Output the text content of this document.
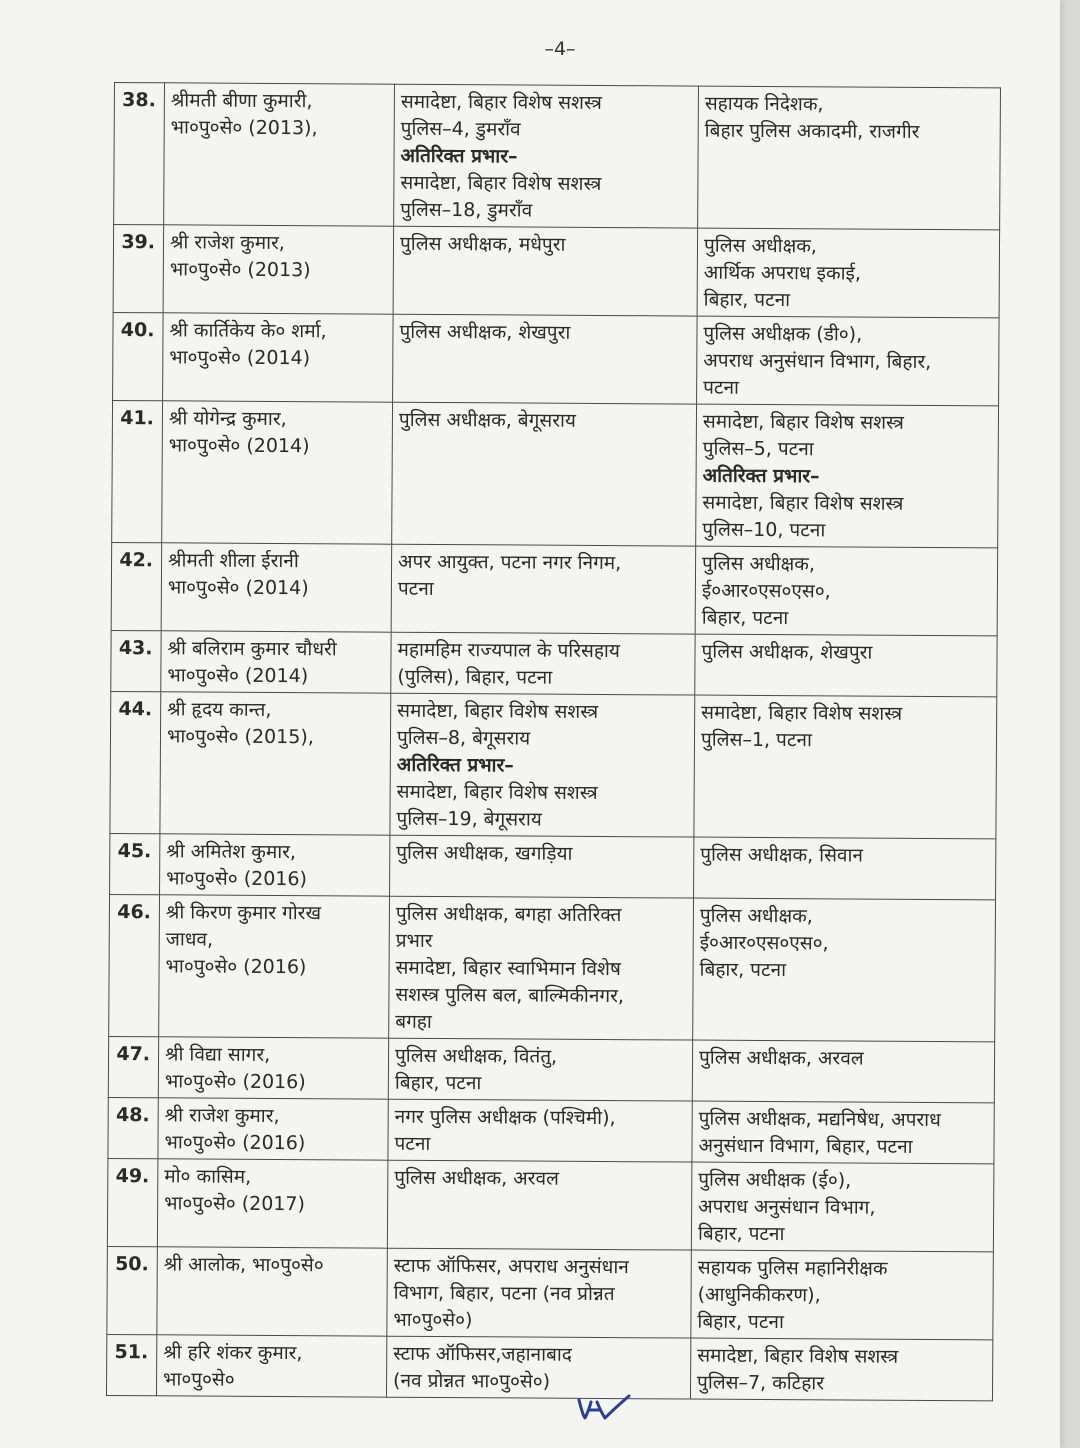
–4–
38.	श्रीमती बीणा कुमारी,
भा०पु०से० (2013),	समादेष्टा, बिहार विशेष सशस्त्र
पुलिस–4, डुमराँव
अतिरिक्त प्रभार–
समादेष्टा, बिहार विशेष सशस्त्र
पुलिस–18, डुमराँव	सहायक निदेशक,
बिहार पुलिस अकादमी, राजगीर

39.	श्री राजेश कुमार,
भा०पु०से० (2013)	पुलिस अधीक्षक, मधेपुरा	पुलिस अधीक्षक,
आर्थिक अपराध इकाई,
बिहार, पटना

40.	श्री कार्तिकेय के० शर्मा,
भा०पु०से० (2014)	पुलिस अधीक्षक, शेखपुरा	पुलिस अधीक्षक (डी०),
अपराध अनुसंधान विभाग, बिहार,
पटना

41.	श्री योगेन्द्र कुमार,
भा०पु०से० (2014)	पुलिस अधीक्षक, बेगूसराय	समादेष्टा, बिहार विशेष सशस्त्र
पुलिस–5, पटना
अतिरिक्त प्रभार–
समादेष्टा, बिहार विशेष सशस्त्र
पुलिस–10, पटना

42.	श्रीमती शीला ईरानी
भा०पु०से० (2014)	अपर आयुक्त, पटना नगर निगम,
पटना	पुलिस अधीक्षक,
ई०आर०एस०एस०,
बिहार, पटना

43.	श्री बलिराम कुमार चौधरी
भा०पु०से० (2014)	महामहिम राज्यपाल के परिसहाय
(पुलिस), बिहार, पटना	पुलिस अधीक्षक, शेखपुरा

44.	श्री हृदय कान्त,
भा०पु०से० (2015),	समादेष्टा, बिहार विशेष सशस्त्र
पुलिस–8, बेगूसराय
अतिरिक्त प्रभार–
समादेष्टा, बिहार विशेष सशस्त्र
पुलिस–19, बेगूसराय	समादेष्टा, बिहार विशेष सशस्त्र
पुलिस–1, पटना

45.	श्री अमितेश कुमार,
भा०पु०से० (2016)	पुलिस अधीक्षक, खगड़िया	पुलिस अधीक्षक, सिवान

46.	श्री किरण कुमार गोरख
जाधव,
भा०पु०से० (2016)	पुलिस अधीक्षक, बगहा अतिरिक्त
प्रभार
समादेष्टा, बिहार स्वाभिमान विशेष
सशस्त्र पुलिस बल, बाल्मिकीनगर,
बगहा	पुलिस अधीक्षक,
ई०आर०एस०एस०,
बिहार, पटना

47.	श्री विद्या सागर,
भा०पु०से० (2016)	पुलिस अधीक्षक, वितंतु,
बिहार, पटना	पुलिस अधीक्षक, अरवल

48.	श्री राजेश कुमार,
भा०पु०से० (2016)	नगर पुलिस अधीक्षक (पश्चिमी),
पटना	पुलिस अधीक्षक, मद्यनिषेध, अपराध
अनुसंधान विभाग, बिहार, पटना

49.	मो० कासिम,
भा०पु०से० (2017)	पुलिस अधीक्षक, अरवल	पुलिस अधीक्षक (ई०),
अपराध अनुसंधान विभाग,
बिहार, पटना

50.	श्री आलोक, भा०पु०से०	स्टाफ ऑफिसर, अपराध अनुसंधान
विभाग, बिहार, पटना (नव प्रोन्नत
भा०पु०से०)	सहायक पुलिस महानिरीक्षक
(आधुनिकीकरण),
बिहार, पटना

51.	श्री हरि शंकर कुमार,
भा०पु०से०	स्टाफ ऑफिसर,जहानाबाद
(नव प्रोन्नत भा०पु०से०)	समादेष्टा, बिहार विशेष सशस्त्र
पुलिस–7, कटिहार
